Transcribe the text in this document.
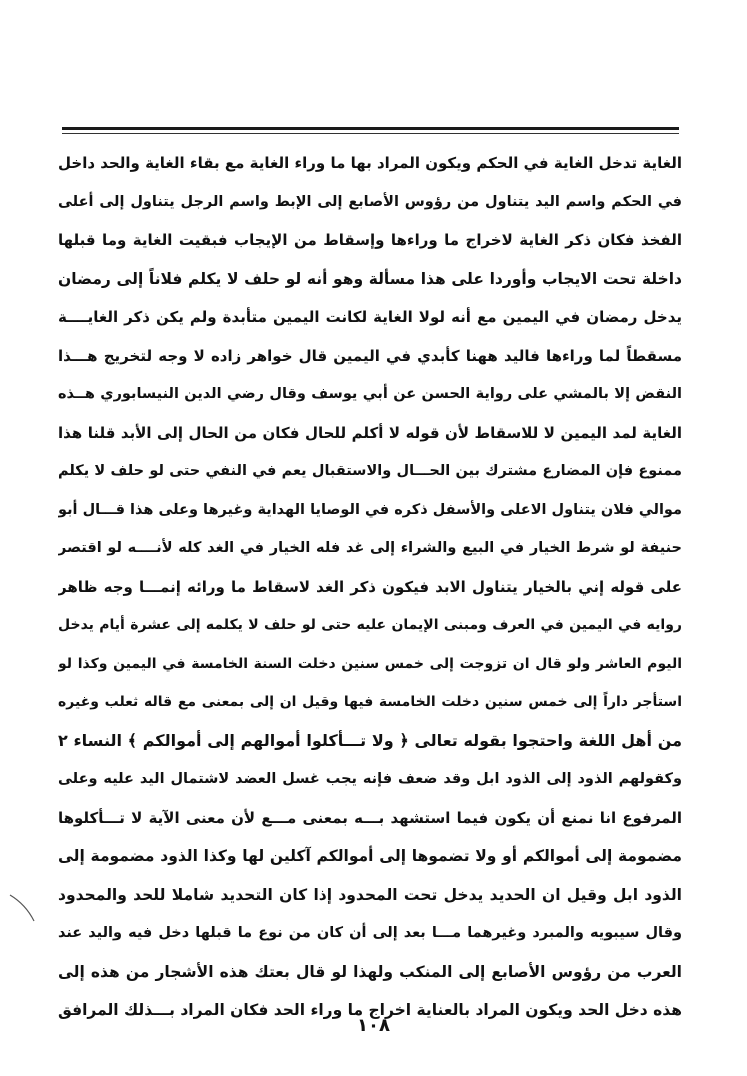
الغاية تدخل الغاية في الحكم ويكون المراد بها ما وراء الغاية مع بقاء الغاية والحد داخل
في الحكم واسم اليد يتناول من رؤوس الأصابع إلى الإبط واسم الرجل يتناول إلى أعلى
الفخذ فكان ذكر الغاية لاخراج ما وراءها وإسقاط من الإيجاب فبقيت الغاية وما قبلها
داخلة تحت الايجاب وأوردا على هذا مسألة وهو أنه لو حلف لا يكلم فلاناً إلى رمضان
يدخل رمضان في اليمين مع أنه لولا الغاية لكانت اليمين متأبدة ولم يكن ذكر الغايــــة
مسقطاً لما وراءها فاليد ههنا كأبدي في اليمين قال خواهر زاده لا وجه لتخريج هـــذا
النقض إلا بالمشي على رواية الحسن عن أبي يوسف وقال رضي الدين النيسابوري هــذه
الغاية لمد اليمين لا للاسقاط لأن قوله لا أكلم للحال فكان من الحال إلى الأبد قلنا هذا
ممنوع فإن المضارع مشترك بين الحـــال والاستقبال يعم في النفي حتى لو حلف لا يكلم
موالي فلان يتناول الاعلى والأسفل ذكره في الوصايا الهداية وغيرها وعلى هذا قـــال أبو
حنيفة لو شرط الخيار في البيع والشراء إلى غد فله الخيار في الغد كله لأنــــه لو اقتصر
على قوله إني بالخيار يتناول الابد فيكون ذكر الغد لاسقاط ما ورائه إنمـــا وجه ظاهر
روايه في اليمين في العرف ومبنى الإيمان عليه حتى لو حلف لا يكلمه إلى عشرة أيام يدخل
اليوم العاشر ولو قال ان تزوجت إلى خمس سنين دخلت السنة الخامسة في اليمين وكذا لو
استأجر داراً إلى خمس سنين دخلت الخامسة فيها وقيل ان إلى بمعنى مع قاله ثعلب وغيره
من أهل اللغة واحتجوا بقوله تعالى ﴿ ولا تـــأكلوا أموالهم إلى أموالكم ﴾ النساء ٢
وكقولهم الذود إلى الذود ابل وقد ضعف فإنه يجب غسل العضد لاشتمال اليد عليه وعلى
المرفوع انا نمنع أن يكون فيما استشهد بـــه بمعنى مـــع لأن معنى الآية لا تـــأكلوها
مضمومة إلى أموالكم أو ولا تضموها إلى أموالكم آكلين لها وكذا الذود مضمومة إلى
الذود ابل وقيل ان الحديد يدخل تحت المحدود إذا كان التحديد شاملا للحد والمحدود
وقال سيبويه والمبرد وغيرهما مـــا بعد إلى أن كان من نوع ما قبلها دخل فيه واليد عند
العرب من رؤوس الأصابع إلى المنكب ولهذا لو قال بعتك هذه الأشجار من هذه إلى
هذه دخل الحد ويكون المراد بالعناية اخراج ما وراء الحد فكان المراد بـــذلك المرافق
١٠٨
